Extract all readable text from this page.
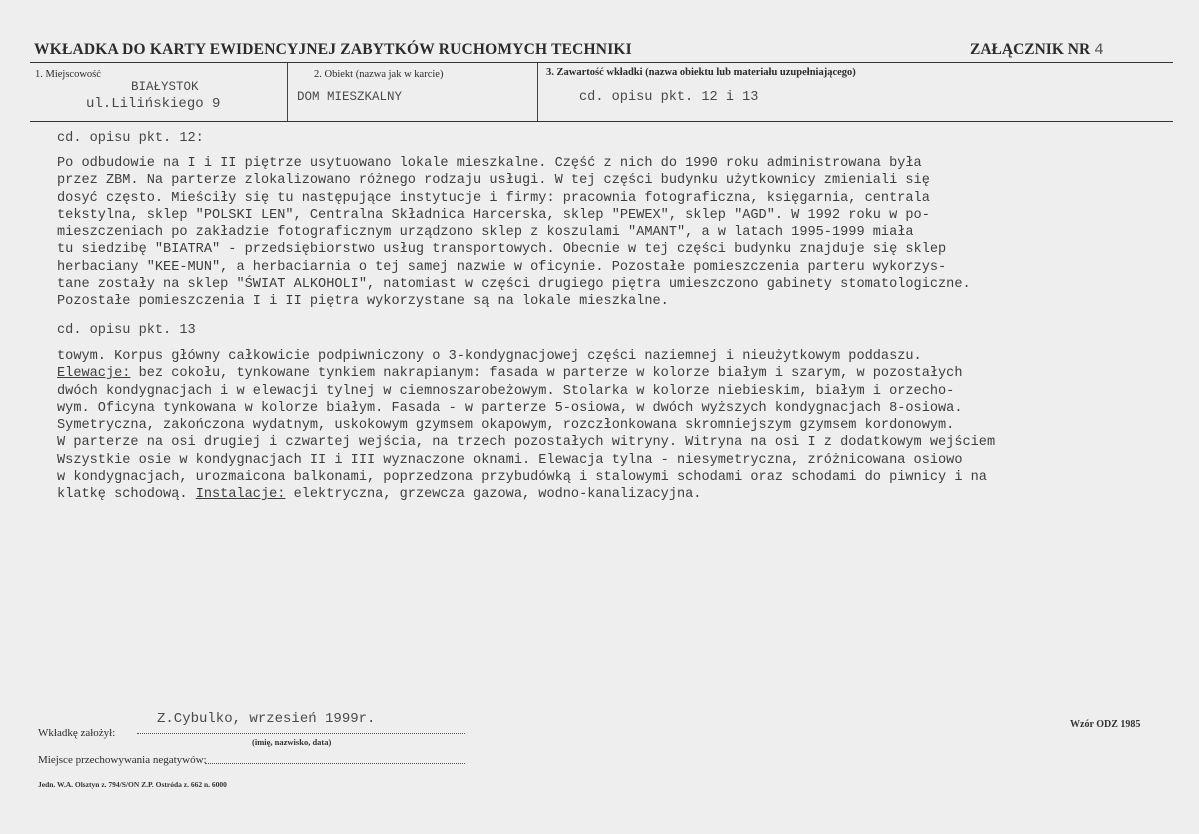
WKŁADKA DO KARTY EWIDENCYJNEJ ZABYTKÓW RUCHOMYCH TECHNIKI	ZAŁĄCZNIK NR 4
1. Miejscowość
BIAŁYSTOK
ul.Lilińskiego 9
2. Obiekt (nazwa jak w karcie)
DOM MIESZKALNY
3. Zawartość wkładki (nazwa obiektu lub materiału uzupełniającego)
cd. opisu pkt. 12 i 13
cd. opisu pkt. 12:
Po odbudowie na I i II piętrze usytuowano lokale mieszkalne. Część z nich do 1990 roku administrowana była
przez ZBM. Na parterze zlokalizowano różnego rodzaju usługi. W tej części budynku użytkownicy zmieniali się
dosyć często. Mieściły się tu następujące instytucje i firmy: pracownia fotograficzna, księgarnia, centrala
tekstylna, sklep "POLSKI LEN", Centralna Składnica Harcerska, sklep "PEWEX", sklep "AGD". W 1992 roku w po-
mieszczeniach po zakładzie fotograficznym urządzono sklep z koszulami "AMANT", a w latach 1995-1999 miała
tu siedzibę "BIATRA" - przedsiębiorstwo usług transportowych. Obecnie w tej części budynku znajduje się sklep
herbaciany "KEE-MUN", a herbaciarnia o tej samej nazwie w oficynie. Pozostałe pomieszczenia parteru wykorzys-
tane zostały na sklep "ŚWIAT ALKOHOLI", natomiast w części drugiego piętra umieszczono gabinety stomatologiczne.
Pozostałe pomieszczenia I i II piętra wykorzystane są na lokale mieszkalne.
cd. opisu pkt. 13
towym. Korpus główny całkowicie podpiwniczony o 3-kondygnacjowej części naziemnej i nieużytkowym poddaszu.
Elewacje: bez cokołu, tynkowane tynkiem nakrapianym: fasada w parterze w kolorze białym i szarym, w pozostałych
dwóch kondygnacjach i w elewacji tylnej w ciemnoszarobeżowym. Stolarka w kolorze niebieskim, białym i orzecho-
wym. Oficyna tynkowana w kolorze białym. Fasada - w parterze 5-osiowa, w dwóch wyższych kondygnacjach 8-osiowa.
Symetryczna, zakończona wydatnym, uskokowym gzymsem okapowym, rozczłonkowana skromniejszym gzymsem kordonowym.
W parterze na osi drugiej i czwartej wejścia, na trzech pozostałych witryny. Witryna na osi I z dodatkowym wejściem
Wszystkie osie w kondygnacjach II i III wyznaczone oknami. Elewacja tylna - niesymetryczna, zróżnicowana osiowo
w kondygnacjach, urozmaicona balkonami, poprzedzona przybudówką i stalowymi schodami oraz schodami do piwnicy i na
klatkę schodową. Instalacje: elektryczna, grzewcza gazowa, wodno-kanalizacyjna.
Wkładkę założył:
Z.Cybulko, wrzesień 1999r.
(imię, nazwisko, data)
Miejsce przechowywania negatywów:
Jedn. W.A. Olsztyn z. 794/S/ON Z.P. Ostróda z. 662 n. 6000
Wzór ODZ 1985
